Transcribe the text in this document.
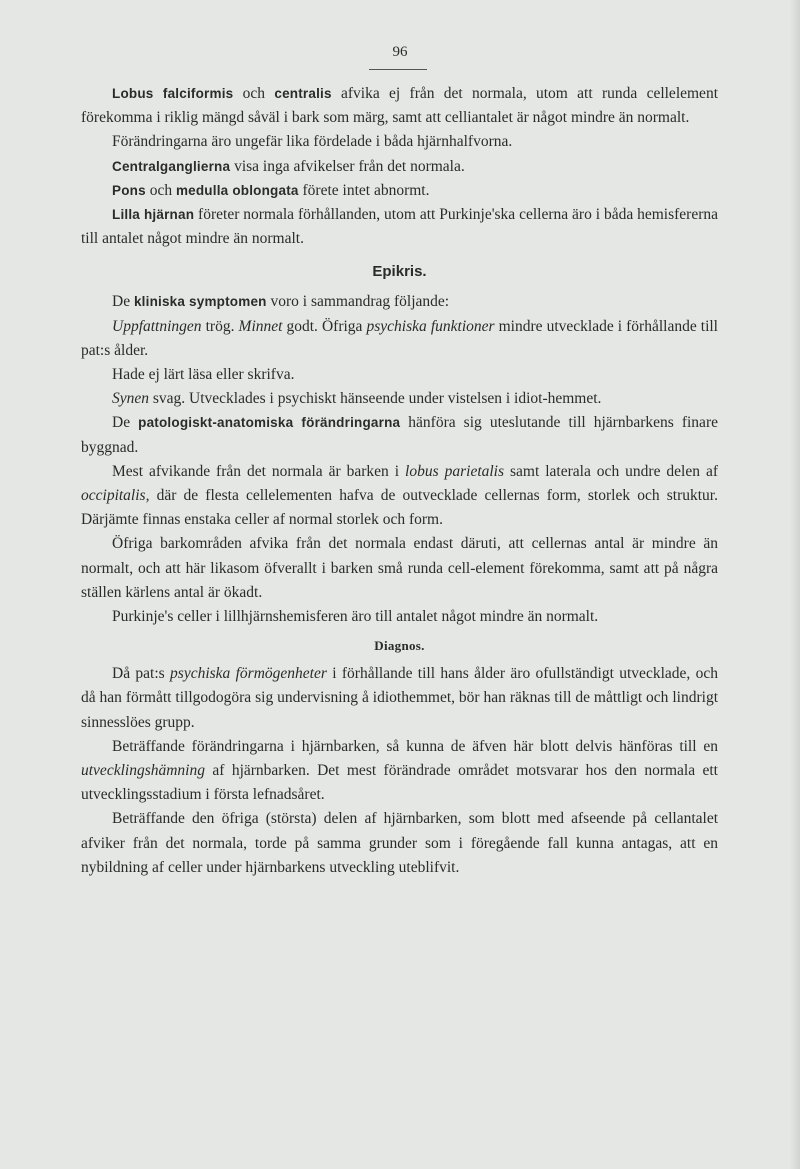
96

Lobus falciformis och centralis afvika ej från det normala, utom att runda cellelement förekomma i riklig mängd såväl i bark som märg, samt att celliantalet är något mindre än normalt.

Förändringarna äro ungefär lika fördelade i båda hjärnhalfvorna.

Centralganglierna visa inga afvikelser från det normala.

Pons och medulla oblongata förete intet abnormt.

Lilla hjärnan företer normala förhållanden, utom att Purkinje'ska cellerna äro i båda hemisfererna till antalet något mindre än normalt.

Epikris.

De kliniska symptomen voro i sammandrag följande:

Uppfattningen trög. Minnet godt. Öfriga psychiska funktioner mindre utvecklade i förhållande till pat:s ålder.

Hade ej lärt läsa eller skrifva.

Synen svag. Utvecklades i psychiskt hänseende under vistelsen i idiot-hemmet.

De patologiskt-anatomiska förändringarna hänföra sig uteslutande till hjärnbarkens finare byggnad.

Mest afvikande från det normala är barken i lobus parietalis samt laterala och undre delen af occipitalis, där de flesta cellelementen hafva de outvecklade cellernas form, storlek och struktur. Därjämte finnas enstaka celler af normal storlek och form.

Öfriga barkområden afvika från det normala endast däruti, att cellernas antal är mindre än normalt, och att här likasom öfverallt i barken små runda cell-element förekomma, samt att på några ställen kärlens antal är ökadt.

Purkinje's celler i lillhjärnshemisferen äro till antalet något mindre än normalt.

Diagnos.

Då pat:s psychiska förmögenheter i förhållande till hans ålder äro ofullständigt utvecklade, och då han förmått tillgodogöra sig undervisning å idiothemmet, bör han räknas till de måttligt och lindrigt sinnesslöes grupp.

Beträffande förändringarna i hjärnbarken, så kunna de äfven här blott delvis hänföras till en utvecklingshämning af hjärnbarken. Det mest förändrade området motsvarar hos den normala ett utvecklingsstadium i första lefnadsåret.

Beträffande den öfriga (största) delen af hjärnbarken, som blott med afseende på cellantalet afviker från det normala, torde på samma grunder som i föregående fall kunna antagas, att en nybildning af celler under hjärnbarkens utveckling uteblifvit.
